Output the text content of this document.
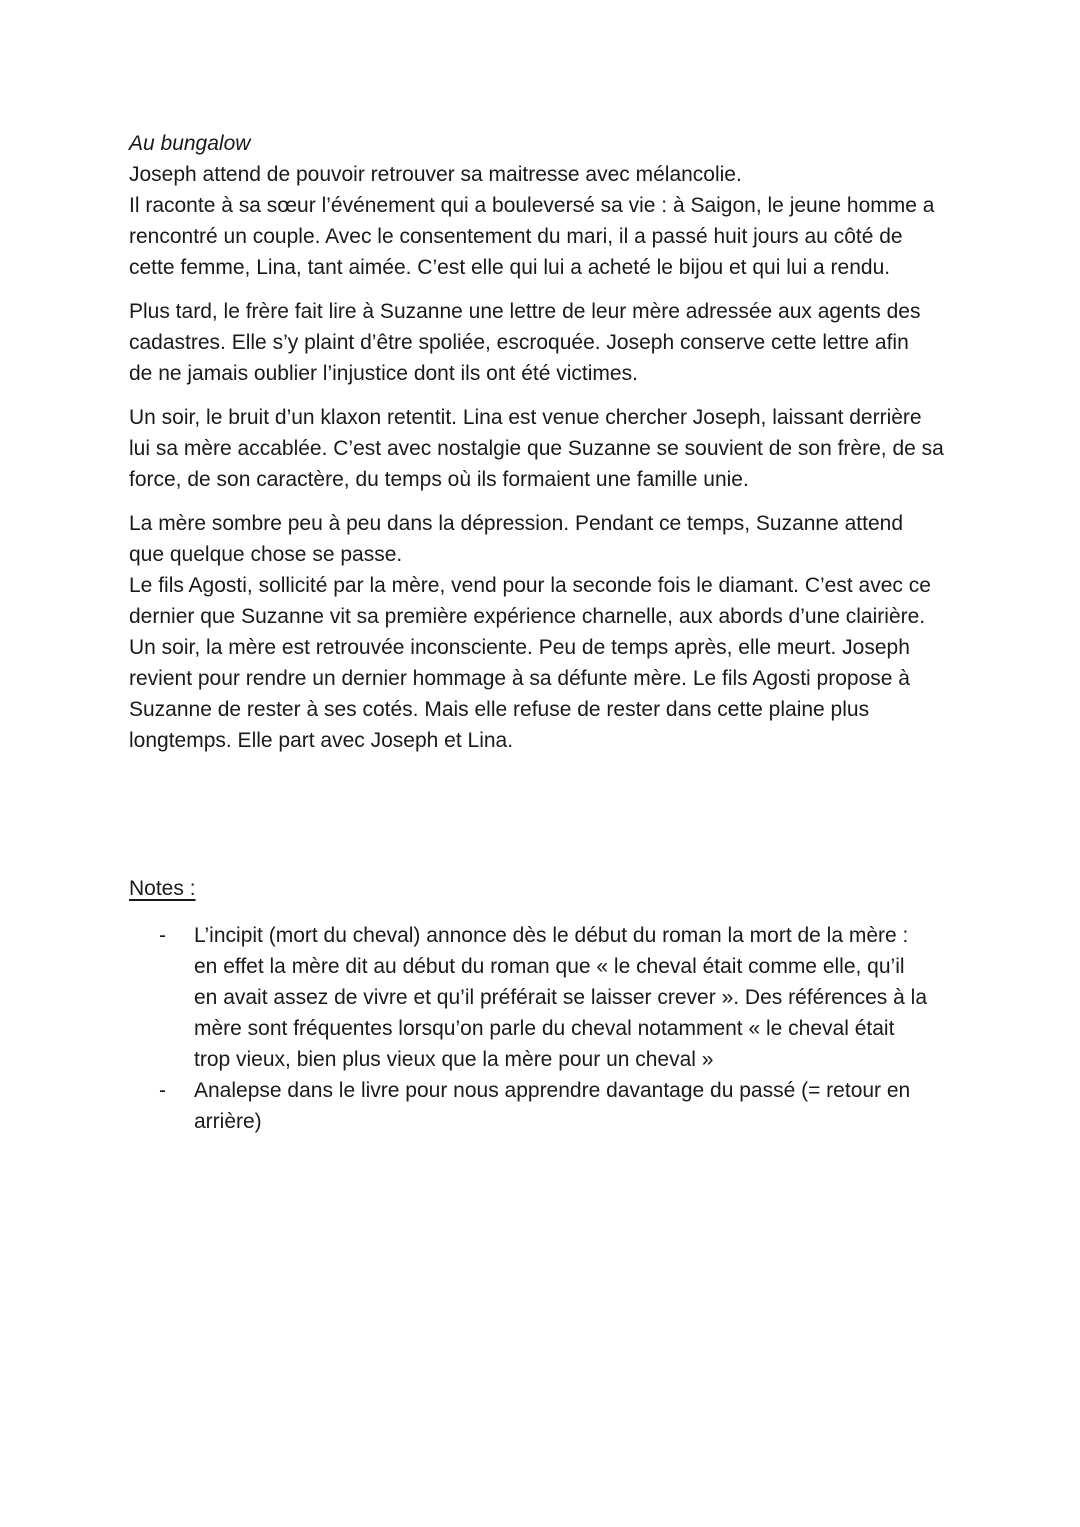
Au bungalow
Joseph attend de pouvoir retrouver sa maitresse avec mélancolie.
Il raconte à sa sœur l’événement qui a bouleversé sa vie : à Saigon, le jeune homme a
rencontré un couple. Avec le consentement du mari, il a passé huit jours au côté de
cette femme, Lina, tant aimée. C’est elle qui lui a acheté le bijou et qui lui a rendu.
Plus tard, le frère fait lire à Suzanne une lettre de leur mère adressée aux agents des
cadastres. Elle s’y plaint d’être spoliée, escroquée. Joseph conserve cette lettre afin
de ne jamais oublier l’injustice dont ils ont été victimes.
Un soir, le bruit d’un klaxon retentit. Lina est venue chercher Joseph, laissant derrière
lui sa mère accablée. C’est avec nostalgie que Suzanne se souvient de son frère, de sa
force, de son caractère, du temps où ils formaient une famille unie.
La mère sombre peu à peu dans la dépression. Pendant ce temps, Suzanne attend
que quelque chose se passe.
Le fils Agosti, sollicité par la mère, vend pour la seconde fois le diamant. C’est avec ce
dernier que Suzanne vit sa première expérience charnelle, aux abords d’une clairière.
Un soir, la mère est retrouvée inconsciente. Peu de temps après, elle meurt. Joseph
revient pour rendre un dernier hommage à sa défunte mère. Le fils Agosti propose à
Suzanne de rester à ses cotés. Mais elle refuse de rester dans cette plaine plus
longtemps. Elle part avec Joseph et Lina.
Notes :
- L’incipit (mort du cheval) annonce dès le début du roman la mort de la mère :
en effet la mère dit au début du roman que « le cheval était comme elle, qu’il
en avait assez de vivre et qu’il préférait se laisser crever ». Des références à la
mère sont fréquentes lorsqu’on parle du cheval notamment « le cheval était
trop vieux, bien plus vieux que la mère pour un cheval »
- Analepse dans le livre pour nous apprendre davantage du passé (= retour en
arrière)
